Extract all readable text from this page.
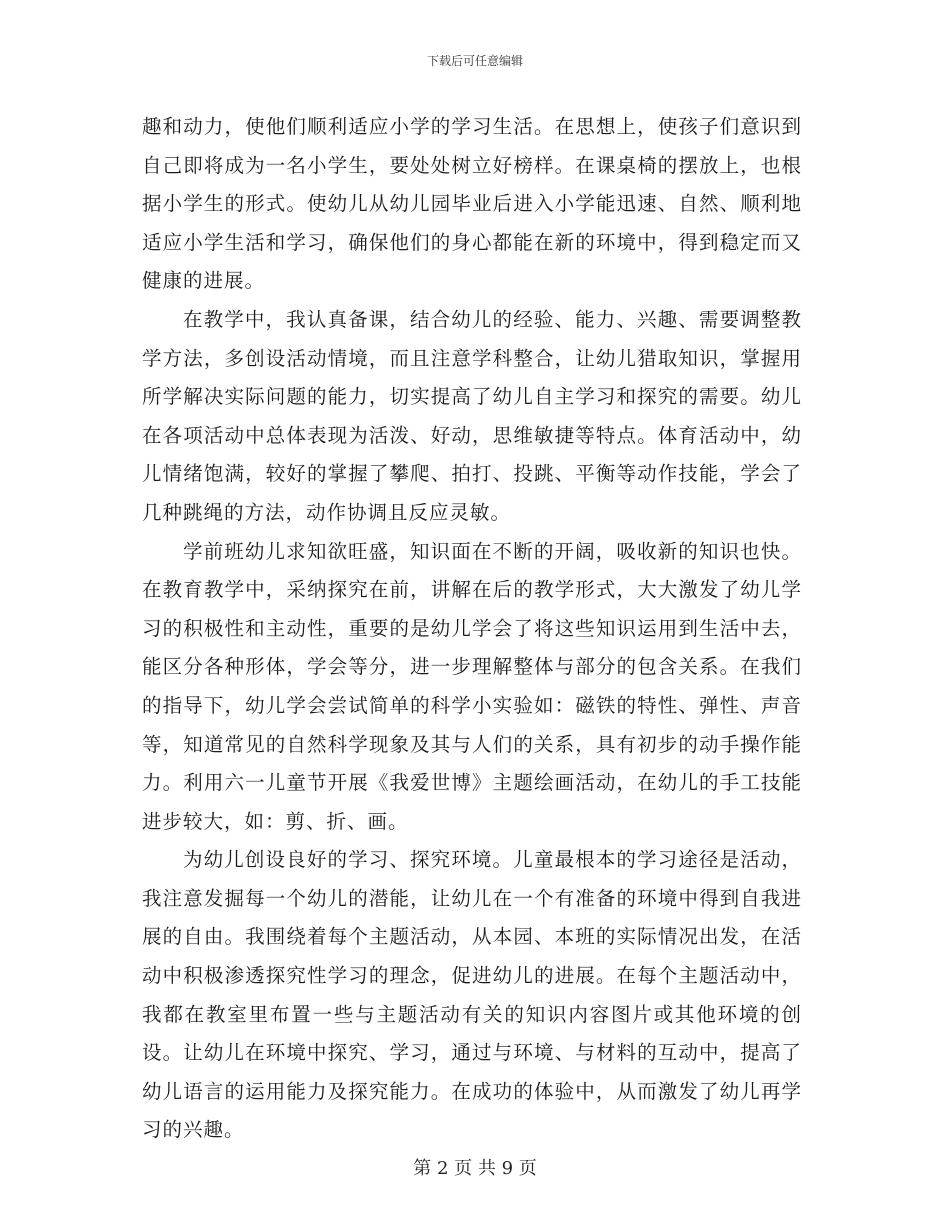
下载后可任意编辑

趣和动力，使他们顺利适应小学的学习生活。在思想上，使孩子们意识到自己即将成为一名小学生，要处处树立好榜样。在课桌椅的摆放上，也根据小学生的形式。使幼儿从幼儿园毕业后进入小学能迅速、自然、顺利地适应小学生活和学习，确保他们的身心都能在新的环境中，得到稳定而又健康的进展。

在教学中，我认真备课，结合幼儿的经验、能力、兴趣、需要调整教学方法，多创设活动情境，而且注意学科整合，让幼儿猎取知识，掌握用所学解决实际问题的能力，切实提高了幼儿自主学习和探究的需要。幼儿在各项活动中总体表现为活泼、好动，思维敏捷等特点。体育活动中，幼儿情绪饱满，较好的掌握了攀爬、拍打、投跳、平衡等动作技能，学会了几种跳绳的方法，动作协调且反应灵敏。

学前班幼儿求知欲旺盛，知识面在不断的开阔，吸收新的知识也快。在教育教学中，采纳探究在前，讲解在后的教学形式，大大激发了幼儿学习的积极性和主动性，重要的是幼儿学会了将这些知识运用到生活中去，能区分各种形体，学会等分，进一步理解整体与部分的包含关系。在我们的指导下，幼儿学会尝试简单的科学小实验如：磁铁的特性、弹性、声音等，知道常见的自然科学现象及其与人们的关系，具有初步的动手操作能力。利用六一儿童节开展《我爱世博》主题绘画活动，在幼儿的手工技能进步较大，如：剪、折、画。

为幼儿创设良好的学习、探究环境。儿童最根本的学习途径是活动，我注意发掘每一个幼儿的潜能，让幼儿在一个有准备的环境中得到自我进展的自由。我围绕着每个主题活动，从本园、本班的实际情况出发，在活动中积极渗透探究性学习的理念，促进幼儿的进展。在每个主题活动中，我都在教室里布置一些与主题活动有关的知识内容图片或其他环境的创设。让幼儿在环境中探究、学习，通过与环境、与材料的互动中，提高了幼儿语言的运用能力及探究能力。在成功的体验中，从而激发了幼儿再学习的兴趣。

第 2 页 共 9 页
